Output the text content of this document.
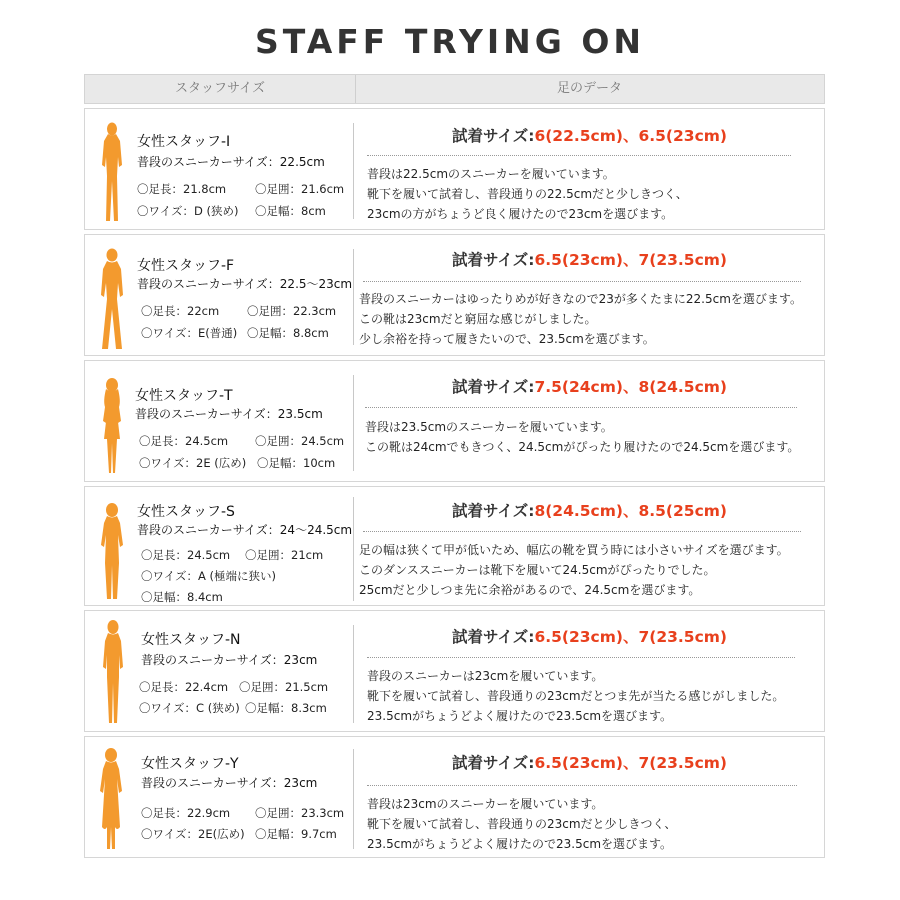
STAFF TRYING ON
スタッフサイズ	足のデータ
女性スタッフ-I
普段のスニーカーサイズ：22.5cm
〇足長：21.8cm	〇足囲：21.6cm
〇ワイズ：D (狭め) 〇足幅：8cm
試着サイズ:6(22.5cm)、6.5(23cm)
普段は22.5cmのスニーカーを履いています。
靴下を履いて試着し、普段通りの22.5cmだと少しきつく、
23cmの方がちょうど良く履けたので23cmを選びます。
女性スタッフ-F
普段のスニーカーサイズ：22.5〜23cm
〇足長：22cm 〇足囲：22.3cm
〇ワイズ：E(普通) 〇足幅：8.8cm
試着サイズ:6.5(23cm)、7(23.5cm)
普段のスニーカーはゆったりめが好きなので23が多くたまに22.5cmを選びます。
この靴は23cmだと窮屈な感じがしました。
少し余裕を持って履きたいので、23.5cmを選びます。
女性スタッフ-T
普段のスニーカーサイズ：23.5cm
〇足長：24.5cm 〇足囲：24.5cm
〇ワイズ：2E (広め) 〇足幅：10cm
試着サイズ:7.5(24cm)、8(24.5cm)
普段は23.5cmのスニーカーを履いています。
この靴は24cmでもきつく、24.5cmがぴったり履けたので24.5cmを選びます。
女性スタッフ-S
普段のスニーカーサイズ：24〜24.5cm
〇足長：24.5cm 〇足囲：21cm
〇ワイズ：A (極端に狭い)
〇足幅：8.4cm
試着サイズ:8(24.5cm)、8.5(25cm)
足の幅は狭くて甲が低いため、幅広の靴を買う時には小さいサイズを選びます。
このダンススニーカーは靴下を履いて24.5cmがぴったりでした。
25cmだと少しつま先に余裕があるので、24.5cmを選びます。
女性スタッフ-N
普段のスニーカーサイズ：23cm
〇足長：22.4cm 〇足囲：21.5cm
〇ワイズ：C (狭め) 〇足幅：8.3cm
試着サイズ:6.5(23cm)、7(23.5cm)
普段のスニーカーは23cmを履いています。
靴下を履いて試着し、普段通りの23cmだとつま先が当たる感じがしました。
23.5cmがちょうどよく履けたので23.5cmを選びます。
女性スタッフ-Y
普段のスニーカーサイズ：23cm
〇足長：22.9cm 〇足囲：23.3cm
〇ワイズ：2E(広め) 〇足幅：9.7cm
試着サイズ:6.5(23cm)、7(23.5cm)
普段は23cmのスニーカーを履いています。
靴下を履いて試着し、普段通りの23cmだと少しきつく、
23.5cmがちょうどよく履けたので23.5cmを選びます。
